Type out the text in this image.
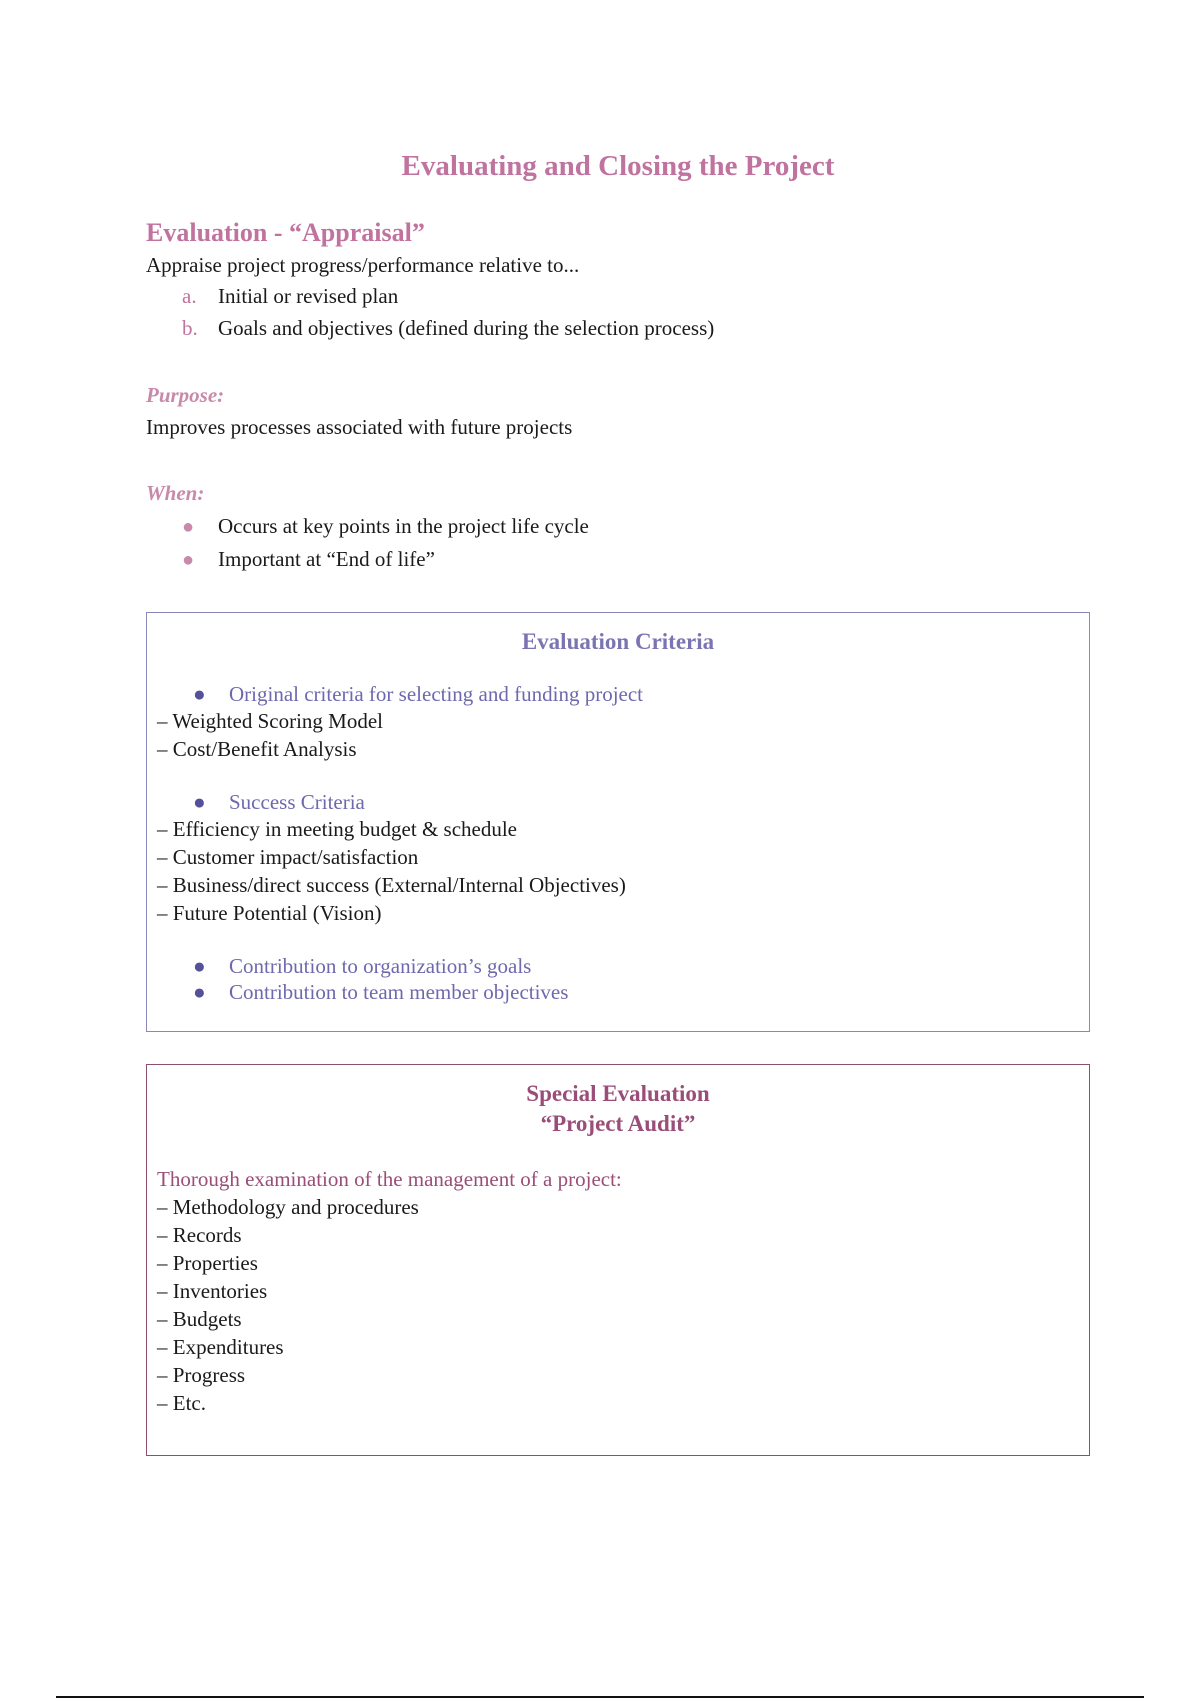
Evaluating and Closing the Project
Evaluation - “Appraisal”

Appraise project progress/performance relative to...

a. Initial or revised plan
b. Goals and objectives (defined during the selection process)
Purpose:

Improves processes associated with future projects

When:
● Occurs at key points in the project life cycle
● Important at “End of life”
Evaluation Criteria
● Original criteria for selecting and funding project

– Weighted Scoring Model

– Cost/Benefit Analysis

● Success Criteria

– Efficiency in meeting budget & schedule

– Customer impact/satisfaction

– Business/direct success (External/Internal Objectives)

– Future Potential (Vision)

● Contribution to organization’s goals
● Contribution to team member objectives
Special Evaluation
“Project Audit”

Thorough examination of the management of a project:

– Methodology and procedures

– Records

– Properties

– Inventories

– Budgets

– Expenditures

– Progress

– Etc.
